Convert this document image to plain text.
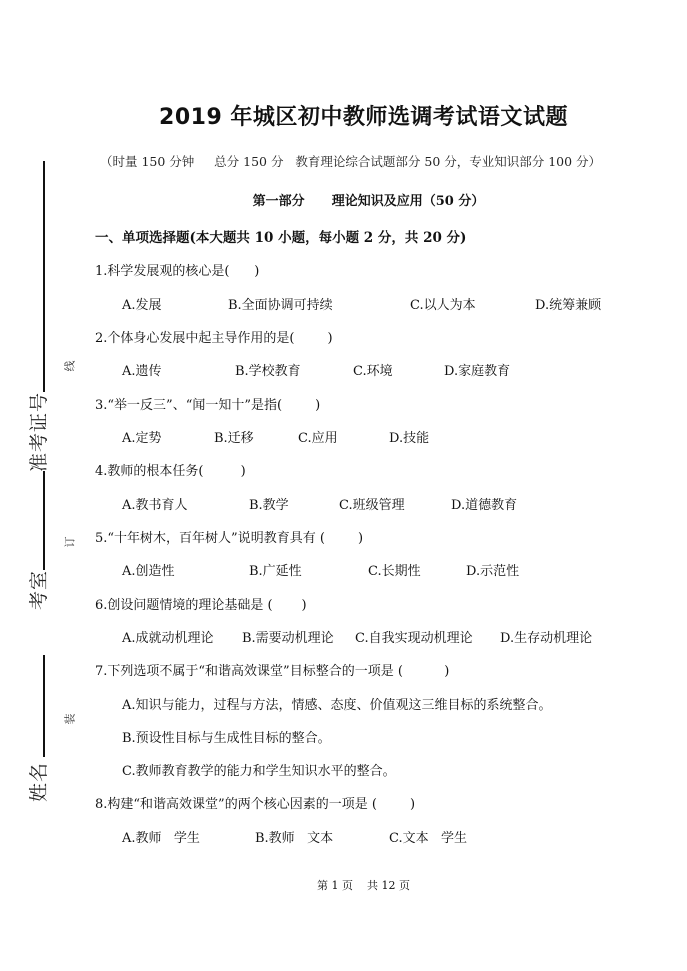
准考证号
考室
姓名
线
订
装
2019 年城区初中教师选调考试语文试题
（时量 150 分钟     总分 150 分   教育理论综合试题部分 50 分，专业知识部分 100 分）
第一部分      理论知识及应用（50 分）
一、单项选择题(本大题共 10 小题，每小题 2 分，共 20 分)
1.科学发展观的核心是(      )
A.发展	B.全面协调可持续	C.以人为本	D.统筹兼顾
2.个体身心发展中起主导作用的是(        )
A.遗传	B.学校教育	C.环境	D.家庭教育
3.“举一反三”、“闻一知十”是指(        )
A.定势	B.迁移	C.应用	D.技能
4.教师的根本任务(         )
A.教书育人	B.教学	C.班级管理	D.道德教育
5.“十年树木，百年树人”说明教育具有 (        )
A.创造性	B.广延性	C.长期性	D.示范性
6.创设问题情境的理论基础是 (       )
A.成就动机理论 B.需要动机理论 C.自我实现动机理论 D.生存动机理论
7.下列选项不属于“和谐高效课堂”目标整合的一项是 (          )
A.知识与能力，过程与方法，情感、态度、价值观这三维目标的系统整合。
B.预设性目标与生成性目标的整合。
C.教师教育教学的能力和学生知识水平的整合。
8.构建“和谐高效课堂”的两个核心因素的一项是 (        )
A.教师   学生	B.教师   文本	C.文本   学生
第 1 页    共 12 页
